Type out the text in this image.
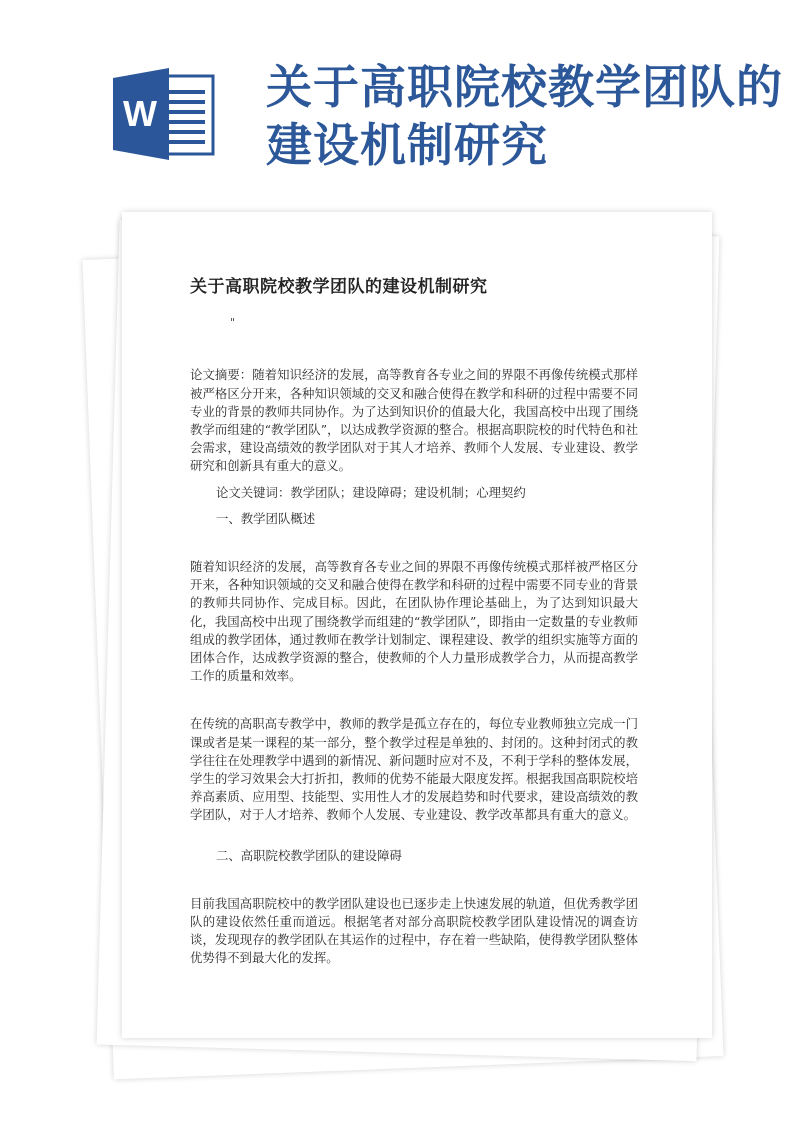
W 关于高职院校教学团队的建设机制研究
关于高职院校教学团队的建设机制研究
"

论文摘要：随着知识经济的发展，高等教育各专业之间的界限不再像传统模式那样被严格区分开来，各种知识领域的交叉和融合使得在教学和科研的过程中需要不同专业的背景的教师共同协作。为了达到知识价的值最大化，我国高校中出现了围绕教学而组建的“教学团队”，以达成教学资源的整合。根据高职院校的时代特色和社会需求，建设高绩效的教学团队对于其人才培养、教师个人发展、专业建设、教学研究和创新具有重大的意义。

论文关键词：教学团队；建设障碍；建设机制；心理契约

一、教学团队概述

随着知识经济的发展，高等教育各专业之间的界限不再像传统模式那样被严格区分开来，各种知识领域的交叉和融合使得在教学和科研的过程中需要不同专业的背景的教师共同协作、完成目标。因此，在团队协作理论基础上，为了达到知识最大化，我国高校中出现了围绕教学而组建的“教学团队”，即指由一定数量的专业教师组成的教学团体，通过教师在教学计划制定、课程建设、教学的组织实施等方面的团体合作，达成教学资源的整合，使教师的个人力量形成教学合力，从而提高教学工作的质量和效率。

在传统的高职高专教学中，教师的教学是孤立存在的，每位专业教师独立完成一门课或者是某一课程的某一部分，整个教学过程是单独的、封闭的。这种封闭式的教学往往在处理教学中遇到的新情况、新问题时应对不及，不利于学科的整体发展，学生的学习效果会大打折扣，教师的优势不能最大限度发挥。根据我国高职院校培养高素质、应用型、技能型、实用性人才的发展趋势和时代要求，建设高绩效的教学团队，对于人才培养、教师个人发展、专业建设、教学改革都具有重大的意义。

二、高职院校教学团队的建设障碍

目前我国高职院校中的教学团队建设也已逐步走上快速发展的轨道，但优秀教学团队的建设依然任重而道远。根据笔者对部分高职院校教学团队建设情况的调查访谈，发现现存的教学团队在其运作的过程中，存在着一些缺陷，使得教学团队整体优势得不到最大化的发挥。
